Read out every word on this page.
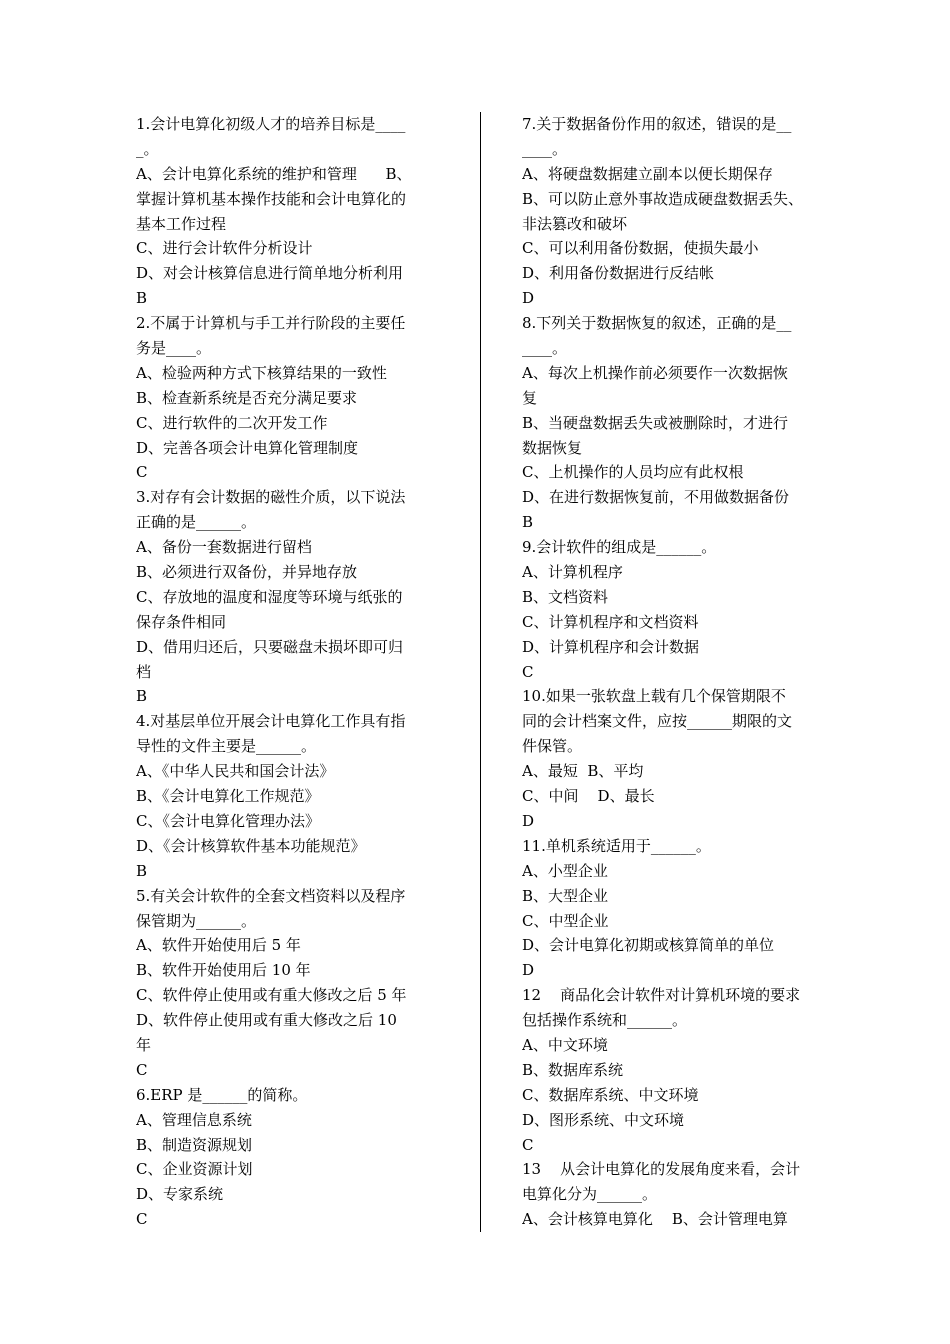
1.会计电算化初级人才的培养目标是____
_。
A、会计电算化系统的维护和管理      B、
掌握计算机基本操作技能和会计电算化的
基本工作过程
C、进行会计软件分析设计
D、对会计核算信息进行简单地分析利用
B
2.不属于计算机与手工并行阶段的主要任
务是____。
A、检验两种方式下核算结果的一致性
B、检查新系统是否充分满足要求
C、进行软件的二次开发工作
D、完善各项会计电算化管理制度
C
3.对存有会计数据的磁性介质，以下说法
正确的是______。
A、备份一套数据进行留档
B、必须进行双备份，并异地存放
C、存放地的温度和湿度等环境与纸张的
保存条件相同
D、借用归还后，只要磁盘未损坏即可归
档
B
4.对基层单位开展会计电算化工作具有指
导性的文件主要是______。
A、《中华人民共和国会计法》
B、《会计电算化工作规范》
C、《会计电算化管理办法》
D、《会计核算软件基本功能规范》
B
5.有关会计软件的全套文档资料以及程序
保管期为______。
A、软件开始使用后 5 年
B、软件开始使用后 10 年
C、软件停止使用或有重大修改之后 5 年
D、软件停止使用或有重大修改之后 10
年
C
6.ERP 是______的简称。
A、管理信息系统
B、制造资源规划
C、企业资源计划
D、专家系统
C
7.关于数据备份作用的叙述，错误的是__
____。
A、将硬盘数据建立副本以便长期保存
B、可以防止意外事故造成硬盘数据丢失、
非法篡改和破坏
C、可以利用备份数据，使损失最小
D、利用备份数据进行反结帐
D
8.下列关于数据恢复的叙述，正确的是__
____。
A、每次上机操作前必须要作一次数据恢
复
B、当硬盘数据丢失或被删除时，才进行
数据恢复
C、上机操作的人员均应有此权根
D、在进行数据恢复前，不用做数据备份
B
9.会计软件的组成是______。
A、计算机程序
B、文档资料
C、计算机程序和文档资料
D、计算机程序和会计数据
C
10.如果一张软盘上载有几个保管期限不
同的会计档案文件，应按______期限的文
件保管。
A、最短  B、平均
C、中间    D、最长
D
11.单机系统适用于______。
A、小型企业
B、大型企业
C、中型企业
D、会计电算化初期或核算简单的单位
D
12    商品化会计软件对计算机环境的要求
包括操作系统和______。
A、中文环境
B、数据库系统
C、数据库系统、中文环境
D、图形系统、中文环境
C
13    从会计电算化的发展角度来看，会计
电算化分为______。
A、会计核算电算化    B、会计管理电算
